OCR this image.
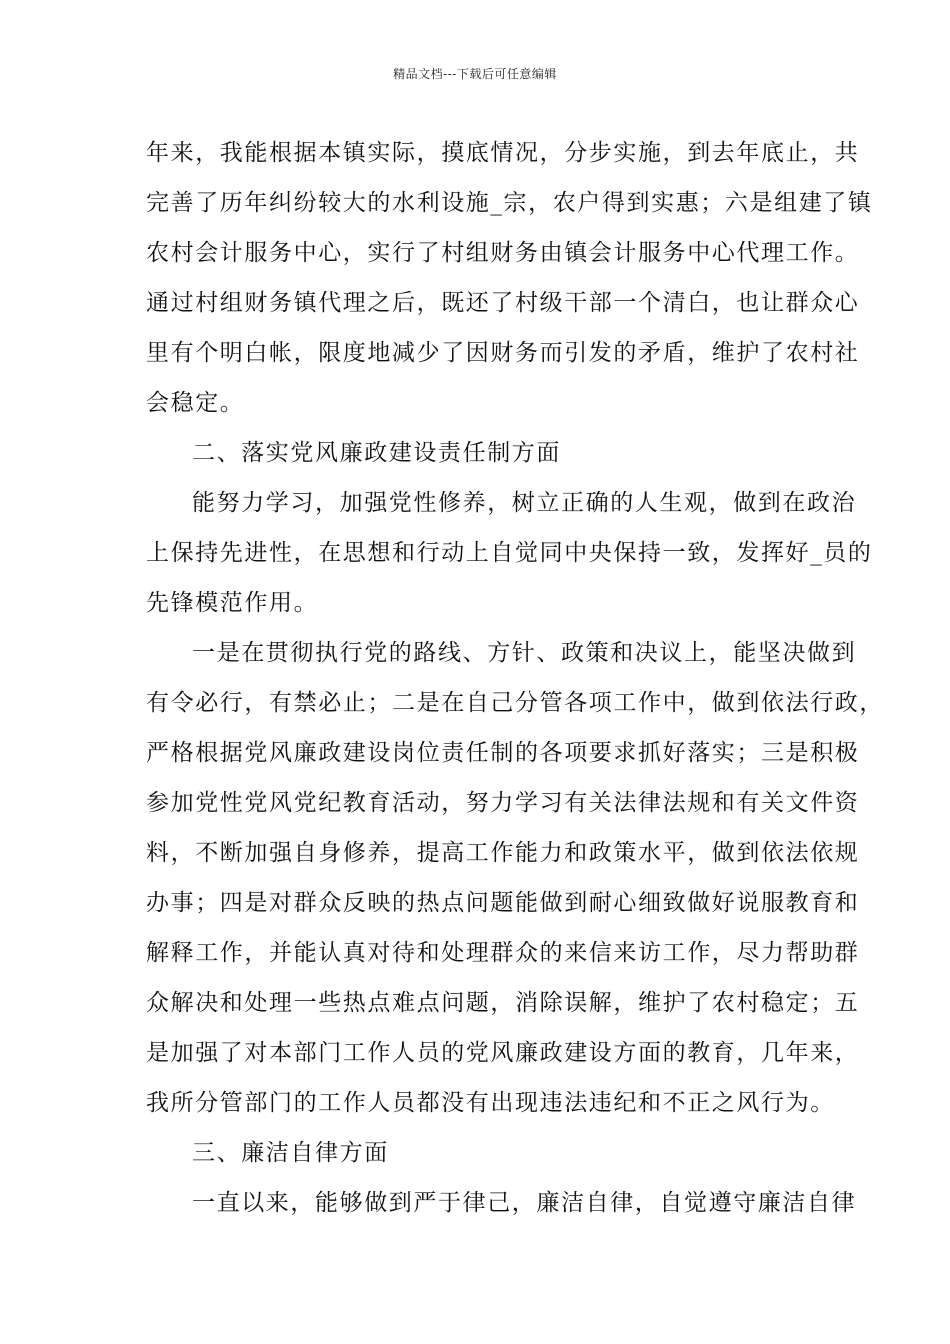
精品文档---下载后可任意编辑
年来，我能根据本镇实际，摸底情况，分步实施，到去年底止，共
完善了历年纠纷较大的水利设施_宗，农户得到实惠；六是组建了镇
农村会计服务中心，实行了村组财务由镇会计服务中心代理工作。
通过村组财务镇代理之后，既还了村级干部一个清白，也让群众心
里有个明白帐，限度地减少了因财务而引发的矛盾，维护了农村社
会稳定。
二、落实党风廉政建设责任制方面
能努力学习，加强党性修养，树立正确的人生观，做到在政治
上保持先进性，在思想和行动上自觉同中央保持一致，发挥好_员的
先锋模范作用。
一是在贯彻执行党的路线、方针、政策和决议上，能坚决做到
有令必行，有禁必止；二是在自己分管各项工作中，做到依法行政，
严格根据党风廉政建设岗位责任制的各项要求抓好落实；三是积极
参加党性党风党纪教育活动，努力学习有关法律法规和有关文件资
料，不断加强自身修养，提高工作能力和政策水平，做到依法依规
办事；四是对群众反映的热点问题能做到耐心细致做好说服教育和
解释工作，并能认真对待和处理群众的来信来访工作，尽力帮助群
众解决和处理一些热点难点问题，消除误解，维护了农村稳定；五
是加强了对本部门工作人员的党风廉政建设方面的教育，几年来，
我所分管部门的工作人员都没有出现违法违纪和不正之风行为。
三、廉洁自律方面
一直以来，能够做到严于律己，廉洁自律，自觉遵守廉洁自律
